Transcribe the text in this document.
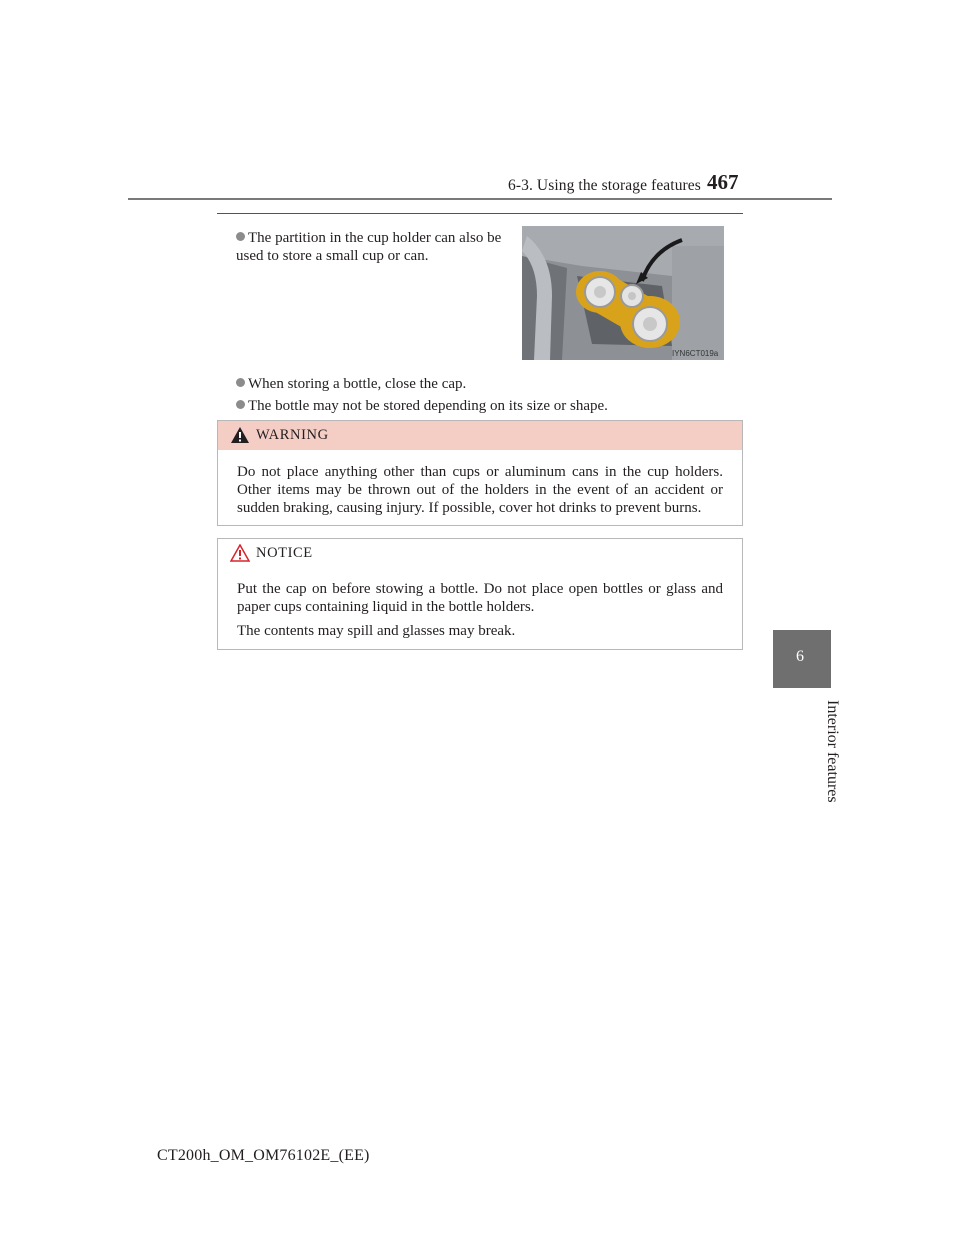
6-3. Using the storage features 467
6
Interior features
The partition in the cup holder can also be used to store a small cup or can.
IYN6CT019a
When storing a bottle, close the cap.
The bottle may not be stored depending on its size or shape.
WARNING
Do not place anything other than cups or aluminum cans in the cup holders. Other items may be thrown out of the holders in the event of an accident or sudden braking, causing injury. If possible, cover hot drinks to prevent burns.
NOTICE

Put the cap on before stowing a bottle. Do not place open bottles or glass and paper cups containing liquid in the bottle holders.

The contents may spill and glasses may break.

CT200h_OM_OM76102E_(EE)
